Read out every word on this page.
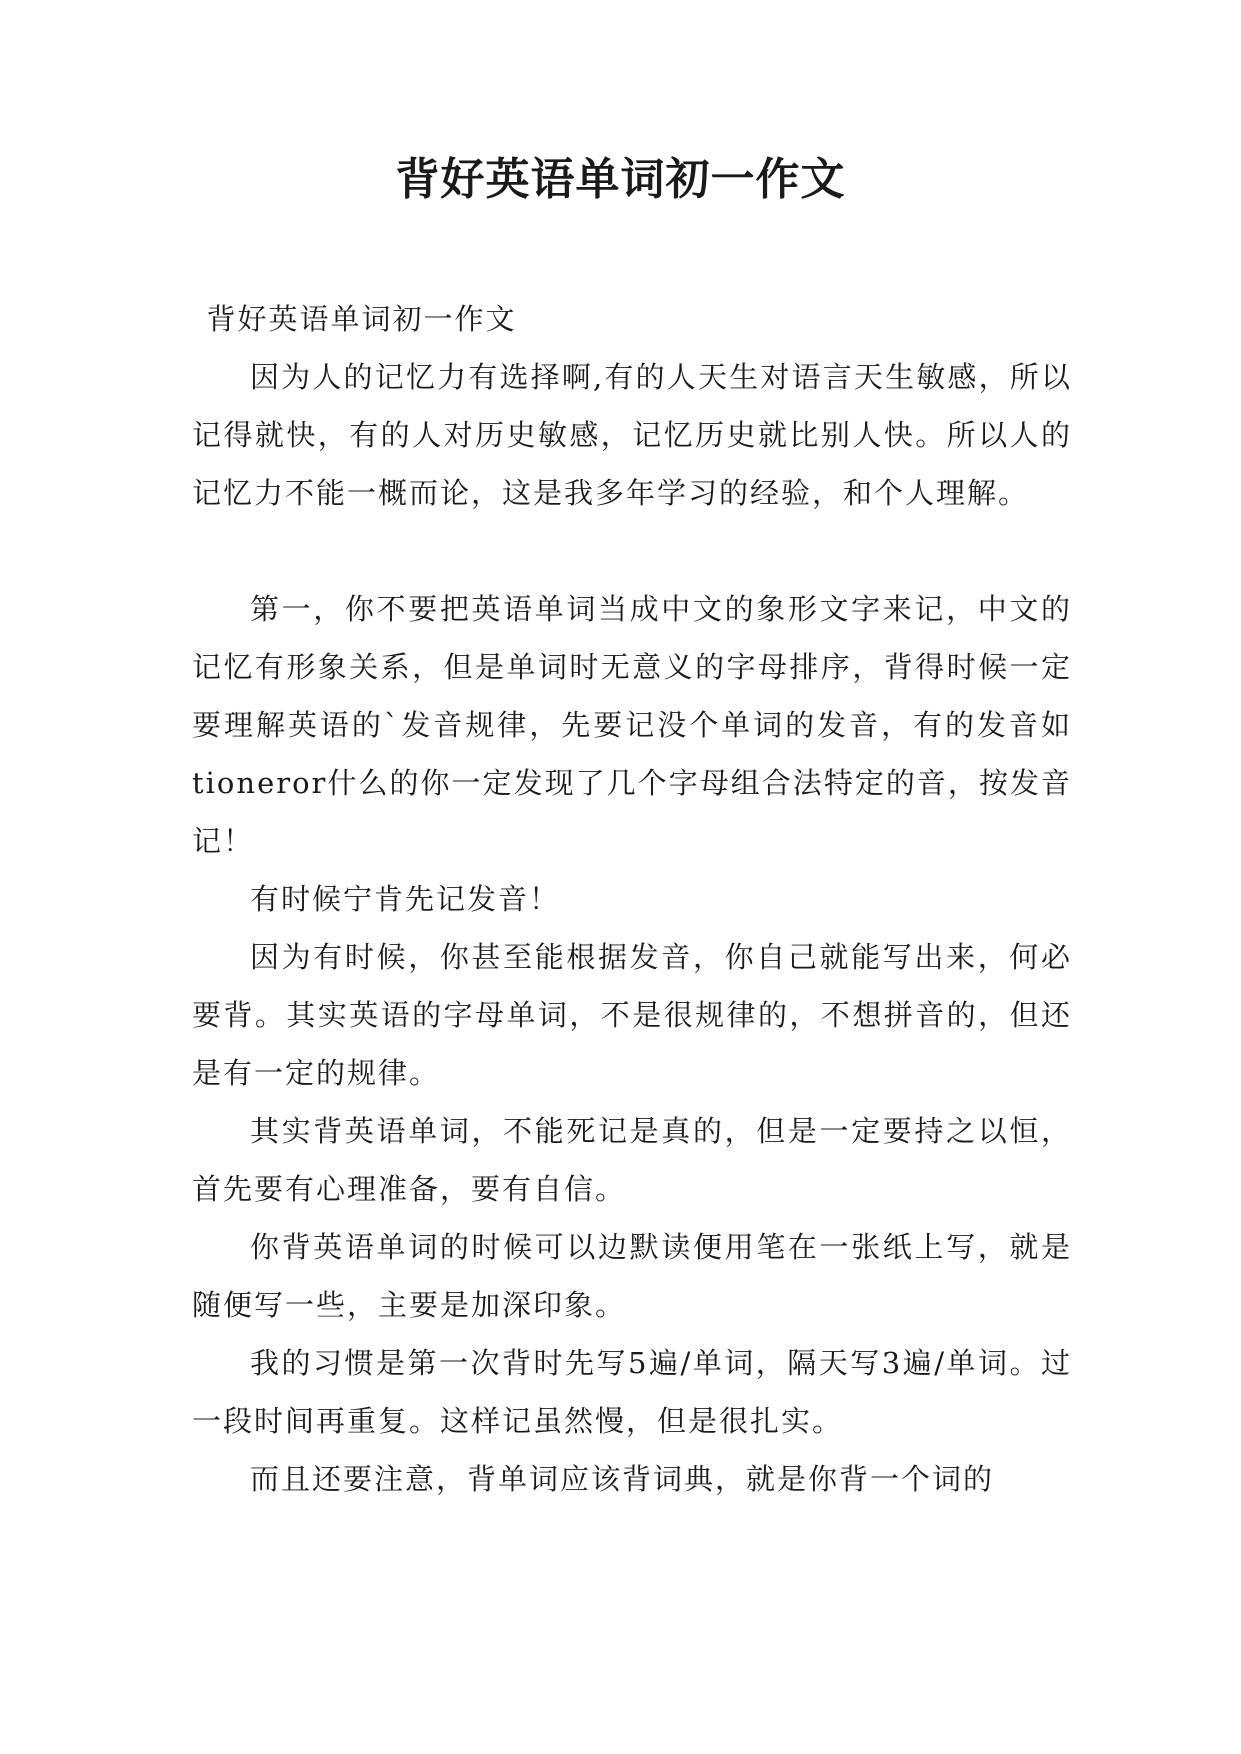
背好英语单词初一作文

背好英语单词初一作文

因为人的记忆力有选择啊,有的人天生对语言天生敏感，所以记得就快，有的人对历史敏感，记忆历史就比别人快。所以人的记忆力不能一概而论，这是我多年学习的经验，和个人理解。

第一，你不要把英语单词当成中文的象形文字来记，中文的记忆有形象关系，但是单词时无意义的字母排序，背得时候一定要理解英语的`发音规律，先要记没个单词的发音，有的发音如tioneror什么的你一定发现了几个字母组合法特定的音，按发音记！

有时候宁肯先记发音！

因为有时候，你甚至能根据发音，你自己就能写出来，何必要背。其实英语的字母单词，不是很规律的，不想拼音的，但还是有一定的规律。

其实背英语单词，不能死记是真的，但是一定要持之以恒，首先要有心理准备，要有自信。

你背英语单词的时候可以边默读便用笔在一张纸上写，就是随便写一些，主要是加深印象。

我的习惯是第一次背时先写5遍/单词，隔天写3遍/单词。过一段时间再重复。这样记虽然慢，但是很扎实。

而且还要注意，背单词应该背词典，就是你背一个词的
